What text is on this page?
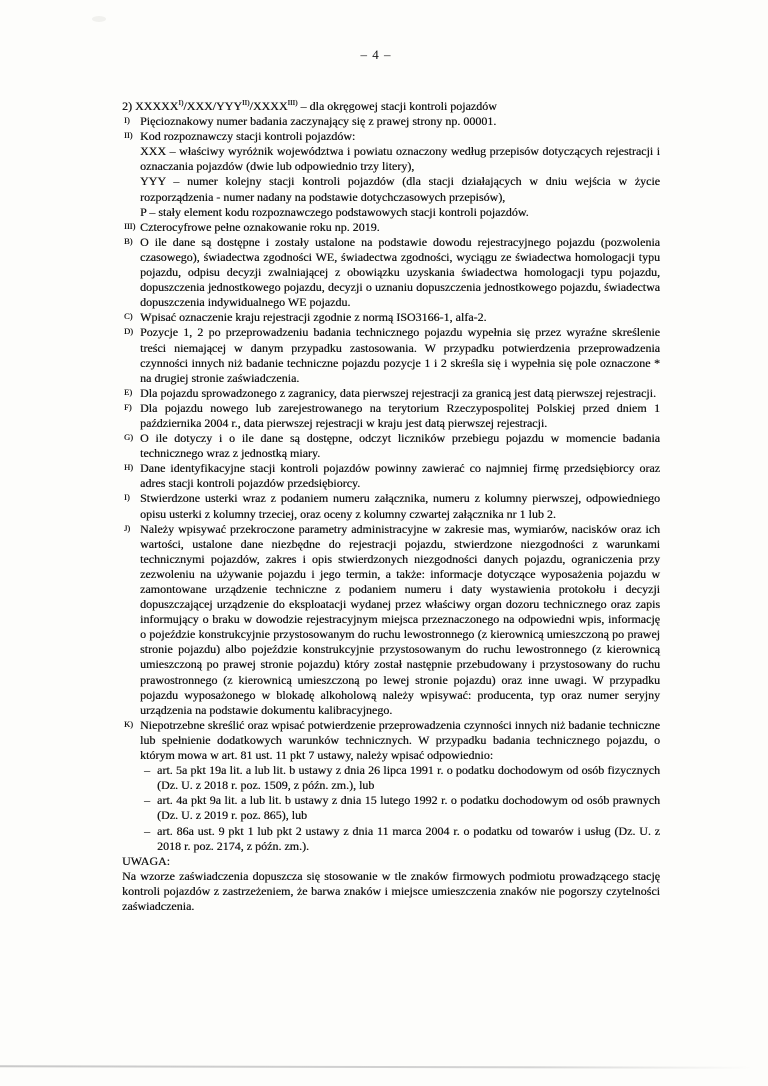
– 4 –
2) $XXXXX^{I)}/XXX/YYY^{II)}/XXXX^{III)}$ – dla okręgowej stacji kontroli pojazdów
I) Pięcioznakowy numer badania zaczynający się z prawej strony np. 00001.

II) Kod rozpoznawczy stacji kontroli pojazdów:

XXX – właściwy wyróżnik województwa i powiatu oznaczony według przepisów dotyczących rejestracji i oznaczania pojazdów (dwie lub odpowiednio trzy litery),

YYY – numer kolejny stacji kontroli pojazdów (dla stacji działających w dniu wejścia w życie rozporządzenia - numer nadany na podstawie dotychczasowych przepisów),

P – stały element kodu rozpoznawczego podstawowych stacji kontroli pojazdów.

III) Czterocyfrowe pełne oznakowanie roku np. 2019.

B) O ile dane są dostępne i zostały ustalone na podstawie dowodu rejestracyjnego pojazdu (pozwolenia czasowego), świadectwa zgodności WE, świadectwa zgodności, wyciągu ze świadectwa homologacji typu pojazdu, odpisu decyzji zwalniającej z obowiązku uzyskania świadectwa homologacji typu pojazdu, dopuszczenia jednostkowego pojazdu, decyzji o uznaniu dopuszczenia jednostkowego pojazdu, świadectwa dopuszczenia indywidualnego WE pojazdu.

C) Wpisać oznaczenie kraju rejestracji zgodnie z normą ISO3166-1, alfa-2.

D) Pozycje 1, 2 po przeprowadzeniu badania technicznego pojazdu wypełnia się przez wyraźne skreślenie treści niemającej w danym przypadku zastosowania. W przypadku potwierdzenia przeprowadzenia czynności innych niż badanie techniczne pojazdu pozycje 1 i 2 skreśla się i wypełnia się pole oznaczone * na drugiej stronie zaświadczenia.

E) Dla pojazdu sprowadzonego z zagranicy, data pierwszej rejestracji za granicą jest datą pierwszej rejestracji.

F) Dla pojazdu nowego lub zarejestrowanego na terytorium Rzeczypospolitej Polskiej przed dniem 1 października 2004 r., data pierwszej rejestracji w kraju jest datą pierwszej rejestracji.

G) O ile dotyczy i o ile dane są dostępne, odczyt liczników przebiegu pojazdu w momencie badania technicznego wraz z jednostką miary.

H) Dane identyfikacyjne stacji kontroli pojazdów powinny zawierać co najmniej firmę przedsiębiorcy oraz adres stacji kontroli pojazdów przedsiębiorcy.

I) Stwierdzone usterki wraz z podaniem numeru załącznika, numeru z kolumny pierwszej, odpowiedniego opisu usterki z kolumny trzeciej, oraz oceny z kolumny czwartej załącznika nr 1 lub 2.

J) Należy wpisywać przekroczone parametry administracyjne w zakresie mas, wymiarów, nacisków oraz ich wartości, ustalone dane niezbędne do rejestracji pojazdu, stwierdzone niezgodności z warunkami technicznymi pojazdów, zakres i opis stwierdzonych niezgodności danych pojazdu, ograniczenia przy zezwoleniu na używanie pojazdu i jego termin, a także: informacje dotyczące wyposażenia pojazdu w zamontowane urządzenie techniczne z podaniem numeru i daty wystawienia protokołu i decyzji dopuszczającej urządzenie do eksploatacji wydanej przez właściwy organ dozoru technicznego oraz zapis informujący o braku w dowodzie rejestracyjnym miejsca przeznaczonego na odpowiedni wpis, informację o pojeździe konstrukcyjnie przystosowanym do ruchu lewostronnego (z kierownicą umieszczoną po prawej stronie pojazdu) albo pojeździe konstrukcyjnie przystosowanym do ruchu lewostronnego (z kierownicą umieszczoną po prawej stronie pojazdu) który został następnie przebudowany i przystosowany do ruchu prawostronnego (z kierownicą umieszczoną po lewej stronie pojazdu) oraz inne uwagi. W przypadku pojazdu wyposażonego w blokadę alkoholową należy wpisywać: producenta, typ oraz numer seryjny urządzenia na podstawie dokumentu kalibracyjnego.

K) Niepotrzebne skreślić oraz wpisać potwierdzenie przeprowadzenia czynności innych niż badanie techniczne lub spełnienie dodatkowych warunków technicznych. W przypadku badania technicznego pojazdu, o którym mowa w art. 81 ust. 11 pkt 7 ustawy, należy wpisać odpowiednio:

– art. 5a pkt 19a lit. a lub lit. b ustawy z dnia 26 lipca 1991 r. o podatku dochodowym od osób fizycznych (Dz. U. z 2018 r. poz. 1509, z późn. zm.), lub
– art. 4a pkt 9a lit. a lub lit. b ustawy z dnia 15 lutego 1992 r. o podatku dochodowym od osób prawnych (Dz. U. z 2019 r. poz. 865), lub
– art. 86a ust. 9 pkt 1 lub pkt 2 ustawy z dnia 11 marca 2004 r. o podatku od towarów i usług (Dz. U. z 2018 r. poz. 2174, z późn. zm.).

UWAGA:

Na wzorze zaświadczenia dopuszcza się stosowanie w tle znaków firmowych podmiotu prowadzącego stację kontroli pojazdów z zastrzeżeniem, że barwa znaków i miejsce umieszczenia znaków nie pogorszy czytelności zaświadczenia.
